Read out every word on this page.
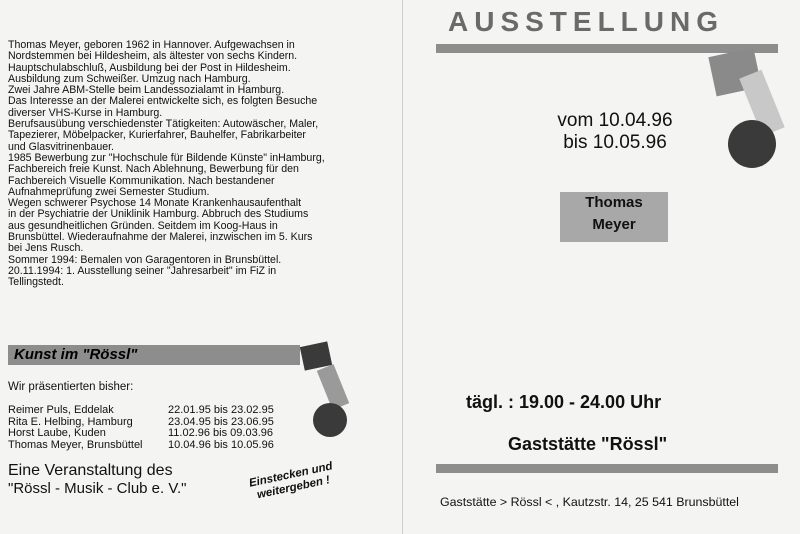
Thomas Meyer, geboren 1962 in Hannover. Aufgewachsen in
Nordstemmen bei Hildesheim, als ältester von sechs Kindern.
Hauptschulabschluß, Ausbildung bei der Post in Hildesheim.
Ausbildung zum Schweißer. Umzug nach Hamburg.
Zwei Jahre ABM-Stelle beim Landessozialamt in Hamburg.
Das Interesse an der Malerei entwickelte sich, es folgten Besuche
diverser VHS-Kurse in Hamburg.
Berufsausübung verschiedenster Tätigkeiten: Autowäscher, Maler,
Tapezierer, Möbelpacker, Kurierfahrer, Bauhelfer, Fabrikarbeiter
und Glasvitrinenbauer.
1985 Bewerbung zur "Hochschule für Bildende Künste" inHamburg,
Fachbereich freie Kunst. Nach Ablehnung, Bewerbung für den
Fachbereich Visuelle Kommunikation. Nach bestandener
Aufnahmeprüfung zwei Semester Studium.
Wegen schwerer Psychose 14 Monate Krankenhausaufenthalt
in der Psychiatrie der Uniklinik Hamburg. Abbruch des Studiums
aus gesundheitlichen Gründen. Seitdem im Koog-Haus in
Brunsbüttel. Wiederaufnahme der Malerei, inzwischen im 5. Kurs
bei Jens Rusch.
Sommer 1994: Bemalen von Garagentoren in Brunsbüttel.
20.11.1994: 1. Ausstellung seiner "Jahresarbeit" im FiZ in
Tellingstedt.
Kunst im "Rössl"
Wir präsentierten bisher:
Reimer Puls, Eddelak	22.01.95 bis 23.02.95
Rita E. Helbing, Hamburg	23.04.95 bis 23.06.95
Horst Laube, Kuden	11.02.96 bis 09.03.96
Thomas Meyer, Brunsbüttel	10.04.96 bis 10.05.96
Eine Veranstaltung des
"Rössl - Musik - Club e. V."	Einstecken und
weitergeben !
AUSSTELLUNG
vom 10.04.96
bis 10.05.96
Thomas
Meyer
tägl. : 19.00 - 24.00 Uhr
Gaststätte "Rössl"
Gaststätte > Rössl < , Kautzstr. 14, 25 541 Brunsbüttel
